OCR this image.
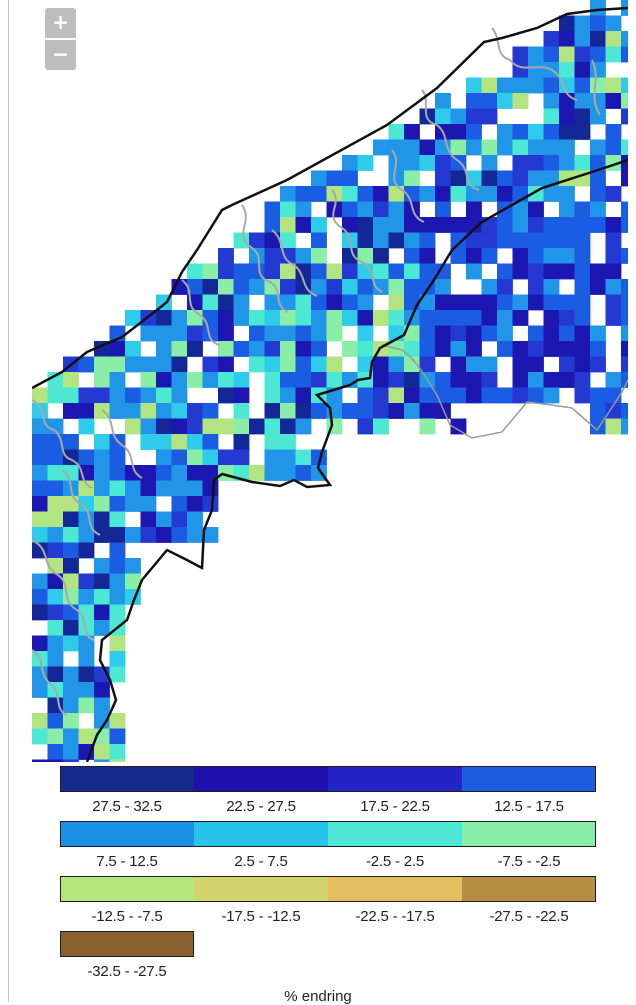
+
−
27.5 - 32.5	22.5 - 27.5	17.5 - 22.5	12.5 - 17.5
7.5 - 12.5	2.5 - 7.5	-2.5 - 2.5	-7.5 - -2.5
-12.5 - -7.5	-17.5 - -12.5	-22.5 - -17.5	-27.5 - -22.5
-32.5 - -27.5
% endring
